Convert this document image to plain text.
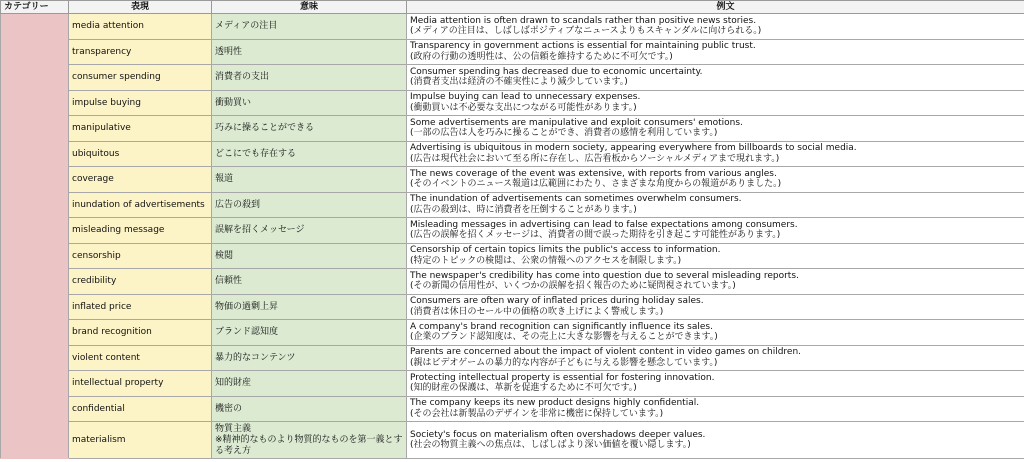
カテゴリー	表現	意味	例文
	media attention	メディアの注目	Media attention is often drawn to scandals rather than positive news stories.
(メディアの注目は、しばしばポジティブなニュースよりもスキャンダルに向けられる。)

	transparency	透明性	Transparency in government actions is essential for maintaining public trust.
(政府の行動の透明性は、公の信頼を維持するために不可欠です。)

	consumer spending	消費者の支出	Consumer spending has decreased due to economic uncertainty.
(消費者支出は経済の不確実性により減少しています。)

	impulse buying	衝動買い	Impulse buying can lead to unnecessary expenses.
(衝動買いは不必要な支出につながる可能性があります。)

	manipulative	巧みに操ることができる	Some advertisements are manipulative and exploit consumers' emotions.
(一部の広告は人を巧みに操ることができ、消費者の感情を利用しています。)

	ubiquitous	どこにでも存在する	Advertising is ubiquitous in modern society, appearing everywhere from billboards to social media.
(広告は現代社会において至る所に存在し、広告看板からソーシャルメディアまで現れます。)

	coverage	報道	The news coverage of the event was extensive, with reports from various angles.
(そのイベントのニュース報道は広範囲にわたり、さまざまな角度からの報道がありました。)

	inundation of advertisements	広告の殺到	The inundation of advertisements can sometimes overwhelm consumers.
(広告の殺到は、時に消費者を圧倒することがあります。)

	misleading message	誤解を招くメッセージ	Misleading messages in advertising can lead to false expectations among consumers.
(広告の誤解を招くメッセージは、消費者の間で誤った期待を引き起こす可能性があります。)

	censorship	検閲	Censorship of certain topics limits the public's access to information.
(特定のトピックの検閲は、公衆の情報へのアクセスを制限します。)

	credibility	信頼性	The newspaper's credibility has come into question due to several misleading reports.
(その新聞の信用性が、いくつかの誤解を招く報告のために疑問視されています。)

	inflated price	物価の過剰上昇	Consumers are often wary of inflated prices during holiday sales.
(消費者は休日のセール中の価格の吹き上げによく警戒します。)

	brand recognition	ブランド認知度	A company's brand recognition can significantly influence its sales.
(企業のブランド認知度は、その売上に大きな影響を与えることができます。)

	violent content	暴力的なコンテンツ	Parents are concerned about the impact of violent content in video games on children.
(親はビデオゲームの暴力的な内容が子どもに与える影響を懸念しています。)

	intellectual property	知的財産	Protecting intellectual property is essential for fostering innovation.
(知的財産の保護は、革新を促進するために不可欠です。)

	confidential	機密の	The company keeps its new product designs highly confidential.
(その会社は新製品のデザインを非常に機密に保持しています。)

	materialism	物質主義
※精神的なものより物質的なものを第一義とする考え方	Society's focus on materialism often overshadows deeper values.
(社会の物質主義への焦点は、しばしばより深い価値を覆い隠します。)
